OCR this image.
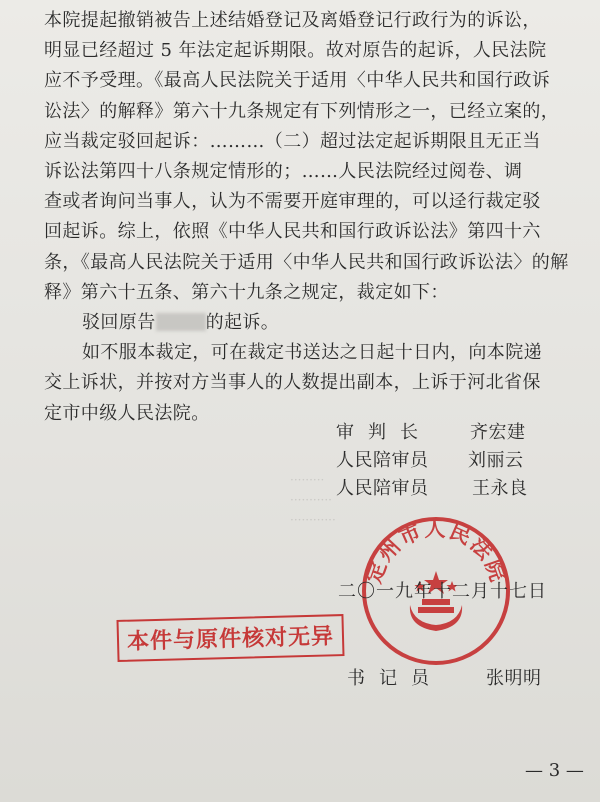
本院提起撤销被告上述结婚登记及离婚登记行政行为的诉讼，

明显已经超过 5 年法定起诉期限。故对原告的起诉，人民法院

应不予受理。《最高人民法院关于适用〈中华人民共和国行政诉

讼法〉的解释》第六十九条规定有下列情形之一，已经立案的，

应当裁定驳回起诉：………（二）超过法定起诉期限且无正当

诉讼法第四十八条规定情形的；……人民法院经过阅卷、调

查或者询问当事人，认为不需要开庭审理的，可以迳行裁定驳

回起诉。综上，依照《中华人民共和国行政诉讼法》第四十六

条，《最高人民法院关于适用〈中华人民共和国行政诉讼法〉的解

释》第六十五条、第六十九条之规定，裁定如下：

驳回原告	的起诉。

如不服本裁定，可在裁定书送达之日起十日内，向本院递

交上诉状，并按对方当事人的人数提出副本，上诉于河北省保

定市中级人民法院。

·········
···········
············
审判长 齐宏建
人民陪审员 刘丽云
人民陪审员 王永良
定州市人民法院
二〇一九年十二月十七日
本件与原件核对无异
书记员 张明明
— 3 —
